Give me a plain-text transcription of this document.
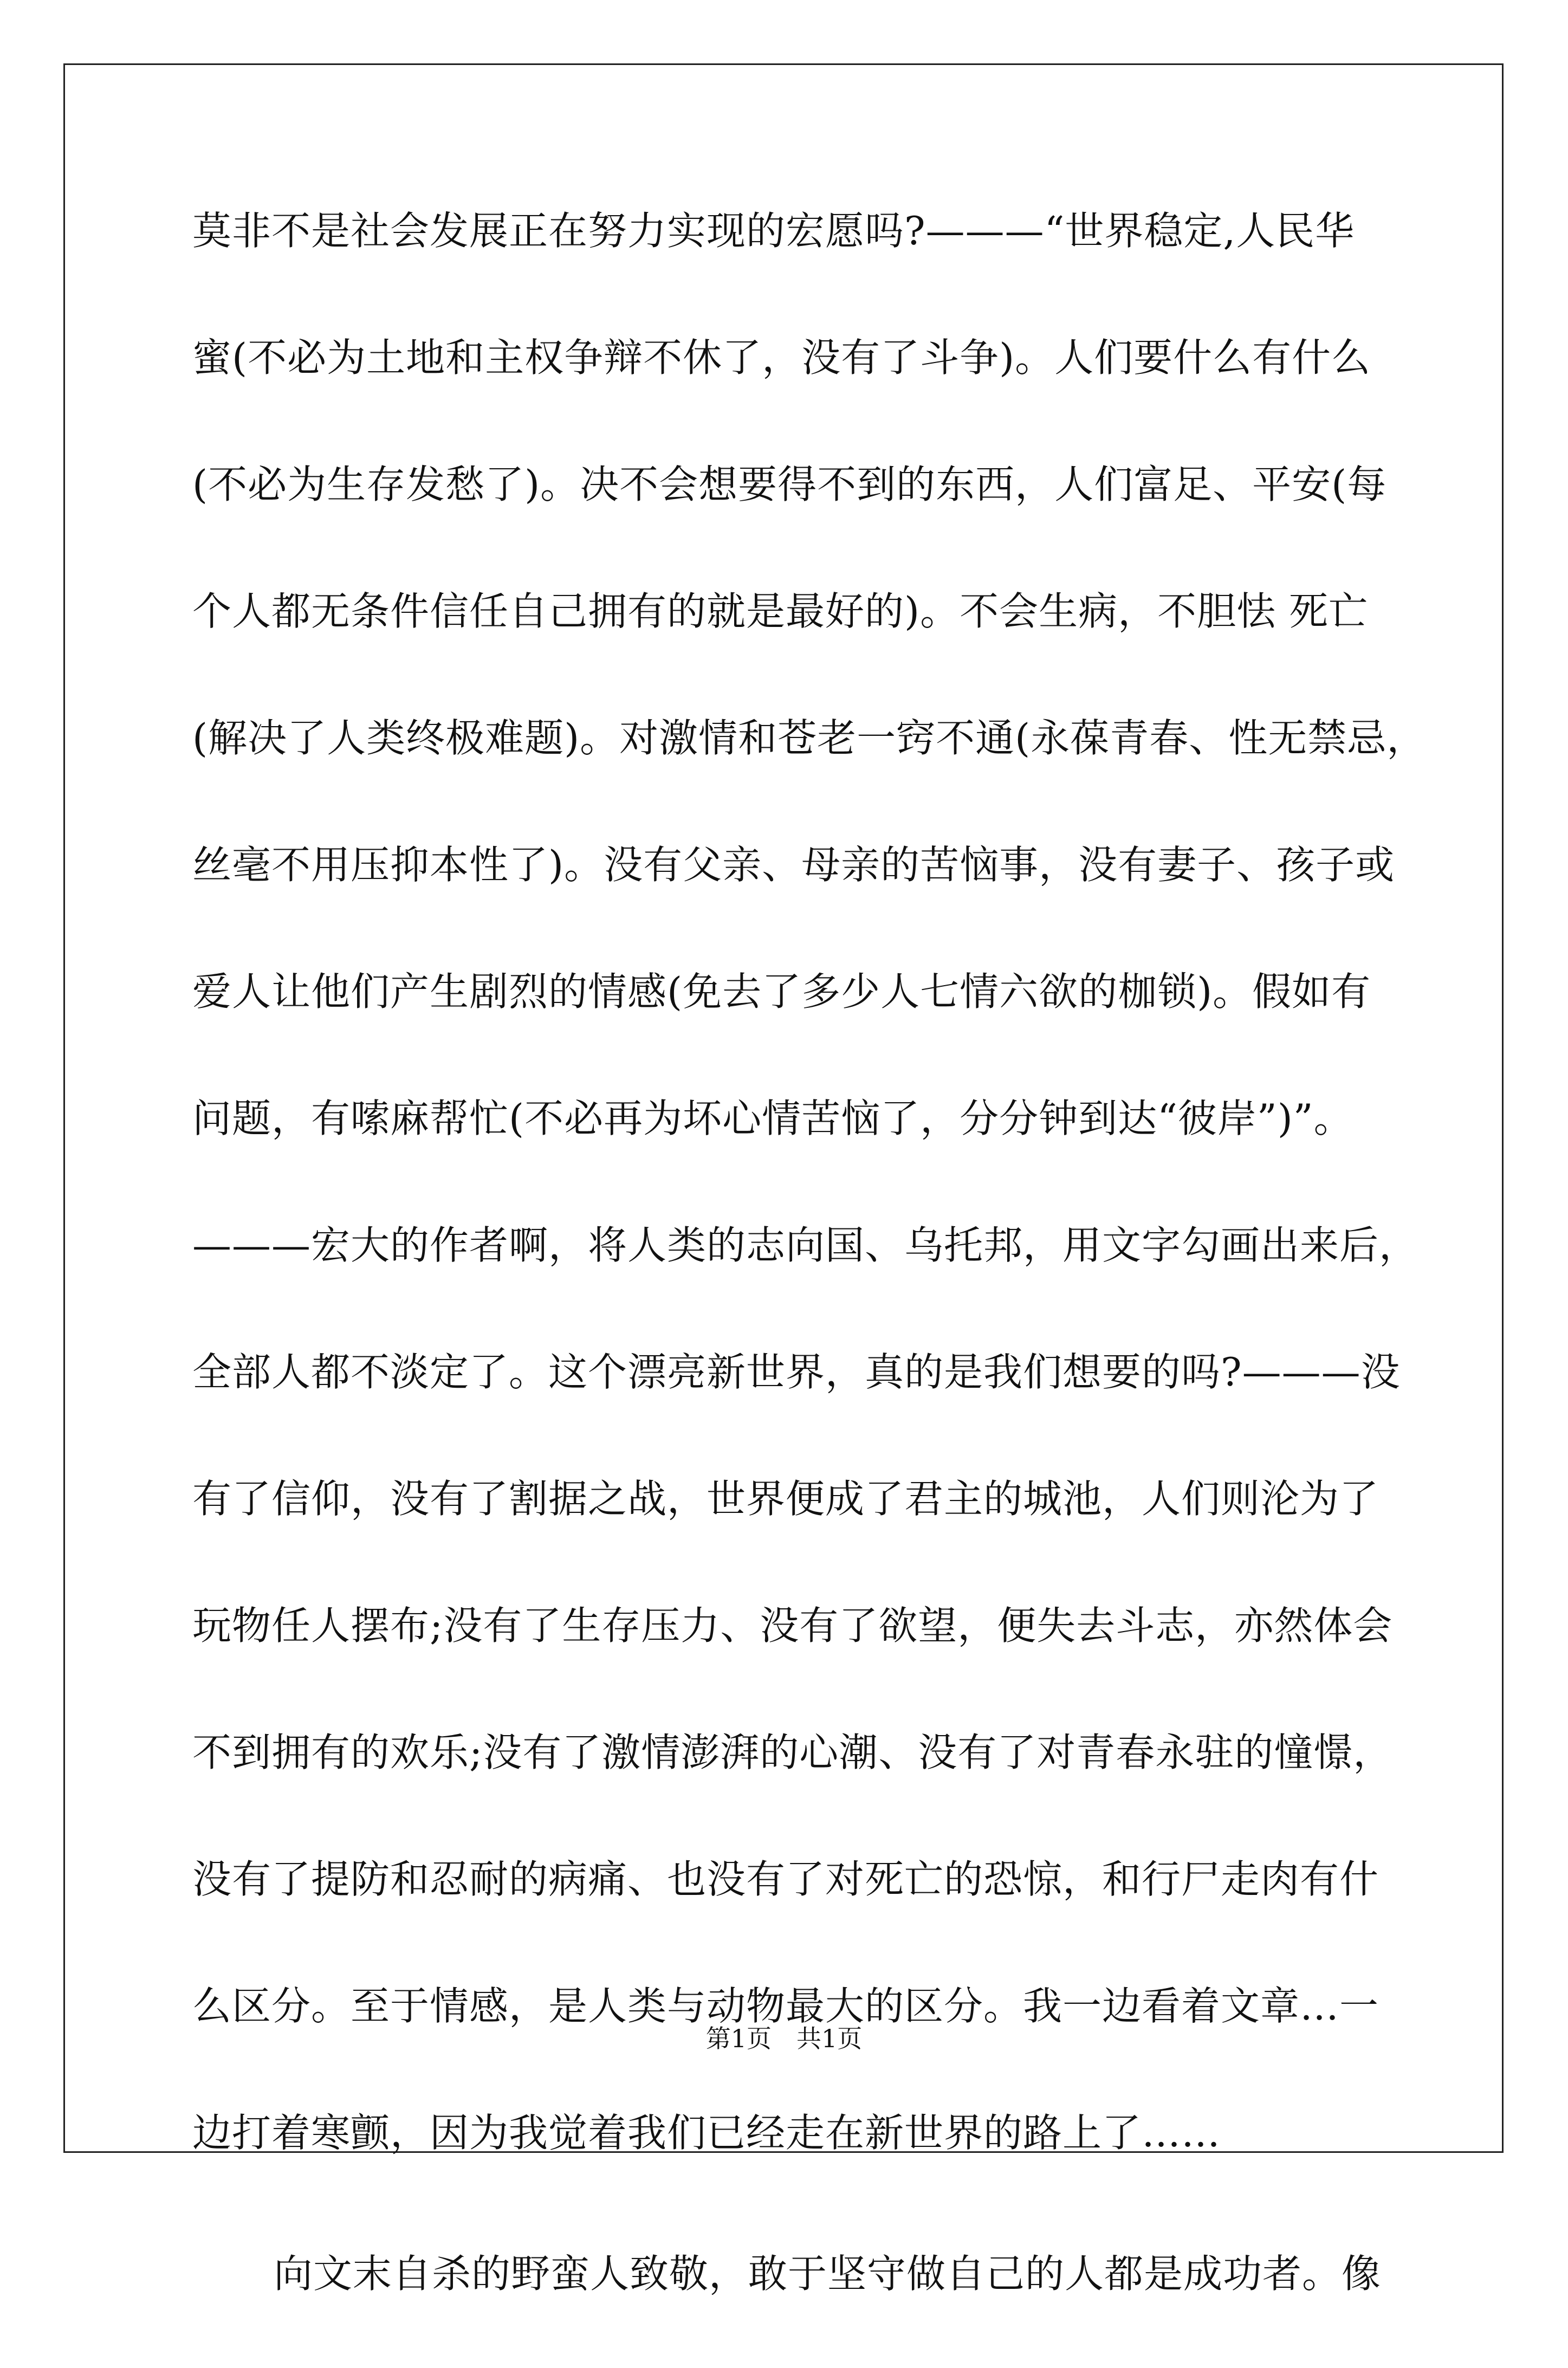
莫非不是社会发展正在努力实现的宏愿吗?———“世界稳定,人民华
蜜(不必为土地和主权争辩不休了，没有了斗争)。人们要什么有什么
(不必为生存发愁了)。决不会想要得不到的东西，人们富足、平安(每
个人都无条件信任自己拥有的就是最好的)。不会生病，不胆怯 死亡
(解决了人类终极难题)。对激情和苍老一窍不通(永葆青春、性无禁忌，
丝毫不用压抑本性了)。没有父亲、母亲的苦恼事，没有妻子、孩子或
爱人让他们产生剧烈的情感(免去了多少人七情六欲的枷锁)。假如有
问题，有嗦麻帮忙(不必再为坏心情苦恼了，分分钟到达“彼岸”)”。
———宏大的作者啊，将人类的志向国、乌托邦，用文字勾画出来后，
全部人都不淡定了。这个漂亮新世界，真的是我们想要的吗?———没
有了信仰，没有了割据之战，世界便成了君主的城池，人们则沦为了
玩物任人摆布;没有了生存压力、没有了欲望，便失去斗志，亦然体会
不到拥有的欢乐;没有了激情澎湃的心潮、没有了对青春永驻的憧憬，
没有了提防和忍耐的病痛、也没有了对死亡的恐惊，和行尸走肉有什
么区分。至于情感，是人类与动物最大的区分。我一边看着文章…一
边打着寒颤，因为我觉着我们已经走在新世界的路上了……
向文末自杀的野蛮人致敬，敢于坚守做自己的人都是成功者。像
第1页　共1页
